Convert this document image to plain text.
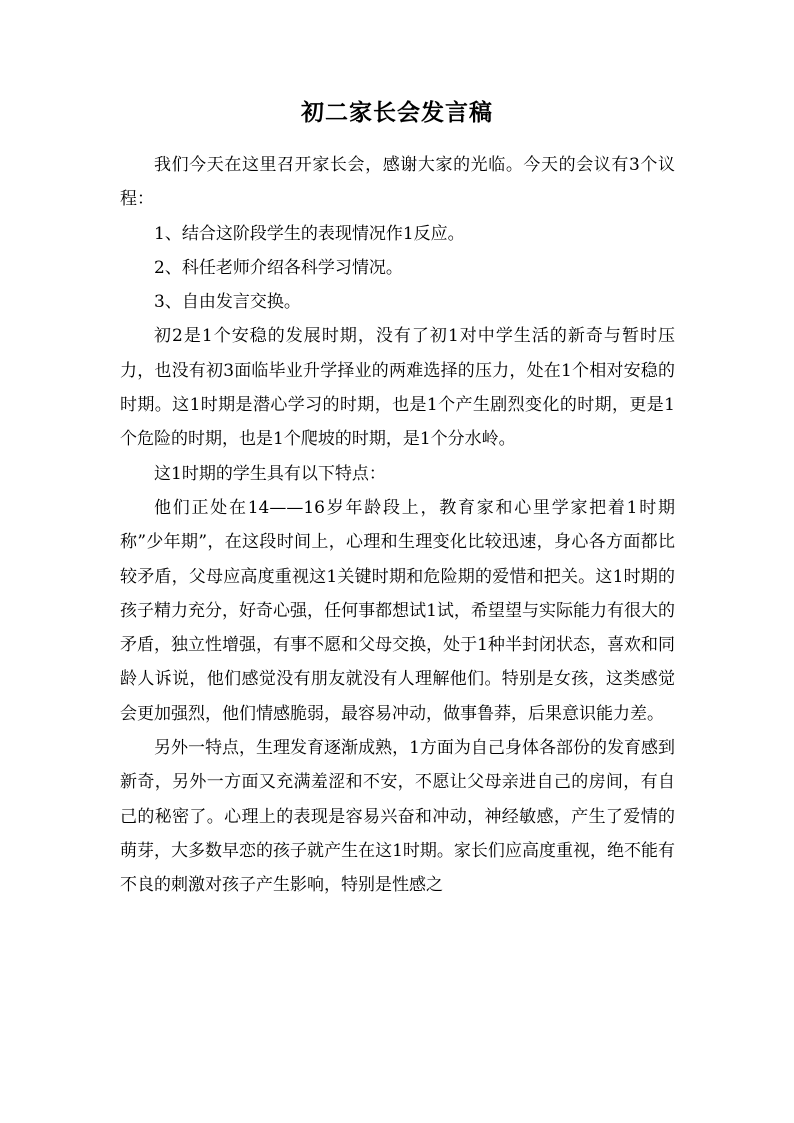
初二家长会发言稿

我们今天在这里召开家长会，感谢大家的光临。今天的会议有3个议程：

1、结合这阶段学生的表现情况作1反应。

2、科任老师介绍各科学习情况。

3、自由发言交换。

初2是1个安稳的发展时期，没有了初1对中学生活的新奇与暂时压力，也没有初3面临毕业升学择业的两难选择的压力，处在1个相对安稳的时期。这1时期是潜心学习的时期，也是1个产生剧烈变化的时期，更是1个危险的时期，也是1个爬坡的时期，是1个分水岭。

这1时期的学生具有以下特点：

他们正处在14——16岁年龄段上，教育家和心里学家把着1时期称”少年期”，在这段时间上，心理和生理变化比较迅速，身心各方面都比较矛盾，父母应高度重视这1关键时期和危险期的爱惜和把关。这1时期的孩子精力充分，好奇心强，任何事都想试1试，希望望与实际能力有很大的矛盾，独立性增强，有事不愿和父母交换，处于1种半封闭状态，喜欢和同龄人诉说，他们感觉没有朋友就没有人理解他们。特别是女孩，这类感觉会更加强烈，他们情感脆弱，最容易冲动，做事鲁莽，后果意识能力差。

另外一特点，生理发育逐渐成熟，1方面为自己身体各部份的发育感到新奇，另外一方面又充满羞涩和不安，不愿让父母亲进自己的房间，有自己的秘密了。心理上的表现是容易兴奋和冲动，神经敏感，产生了爱情的萌芽，大多数早恋的孩子就产生在这1时期。家长们应高度重视，绝不能有不良的刺激对孩子产生影响，特别是性感之
